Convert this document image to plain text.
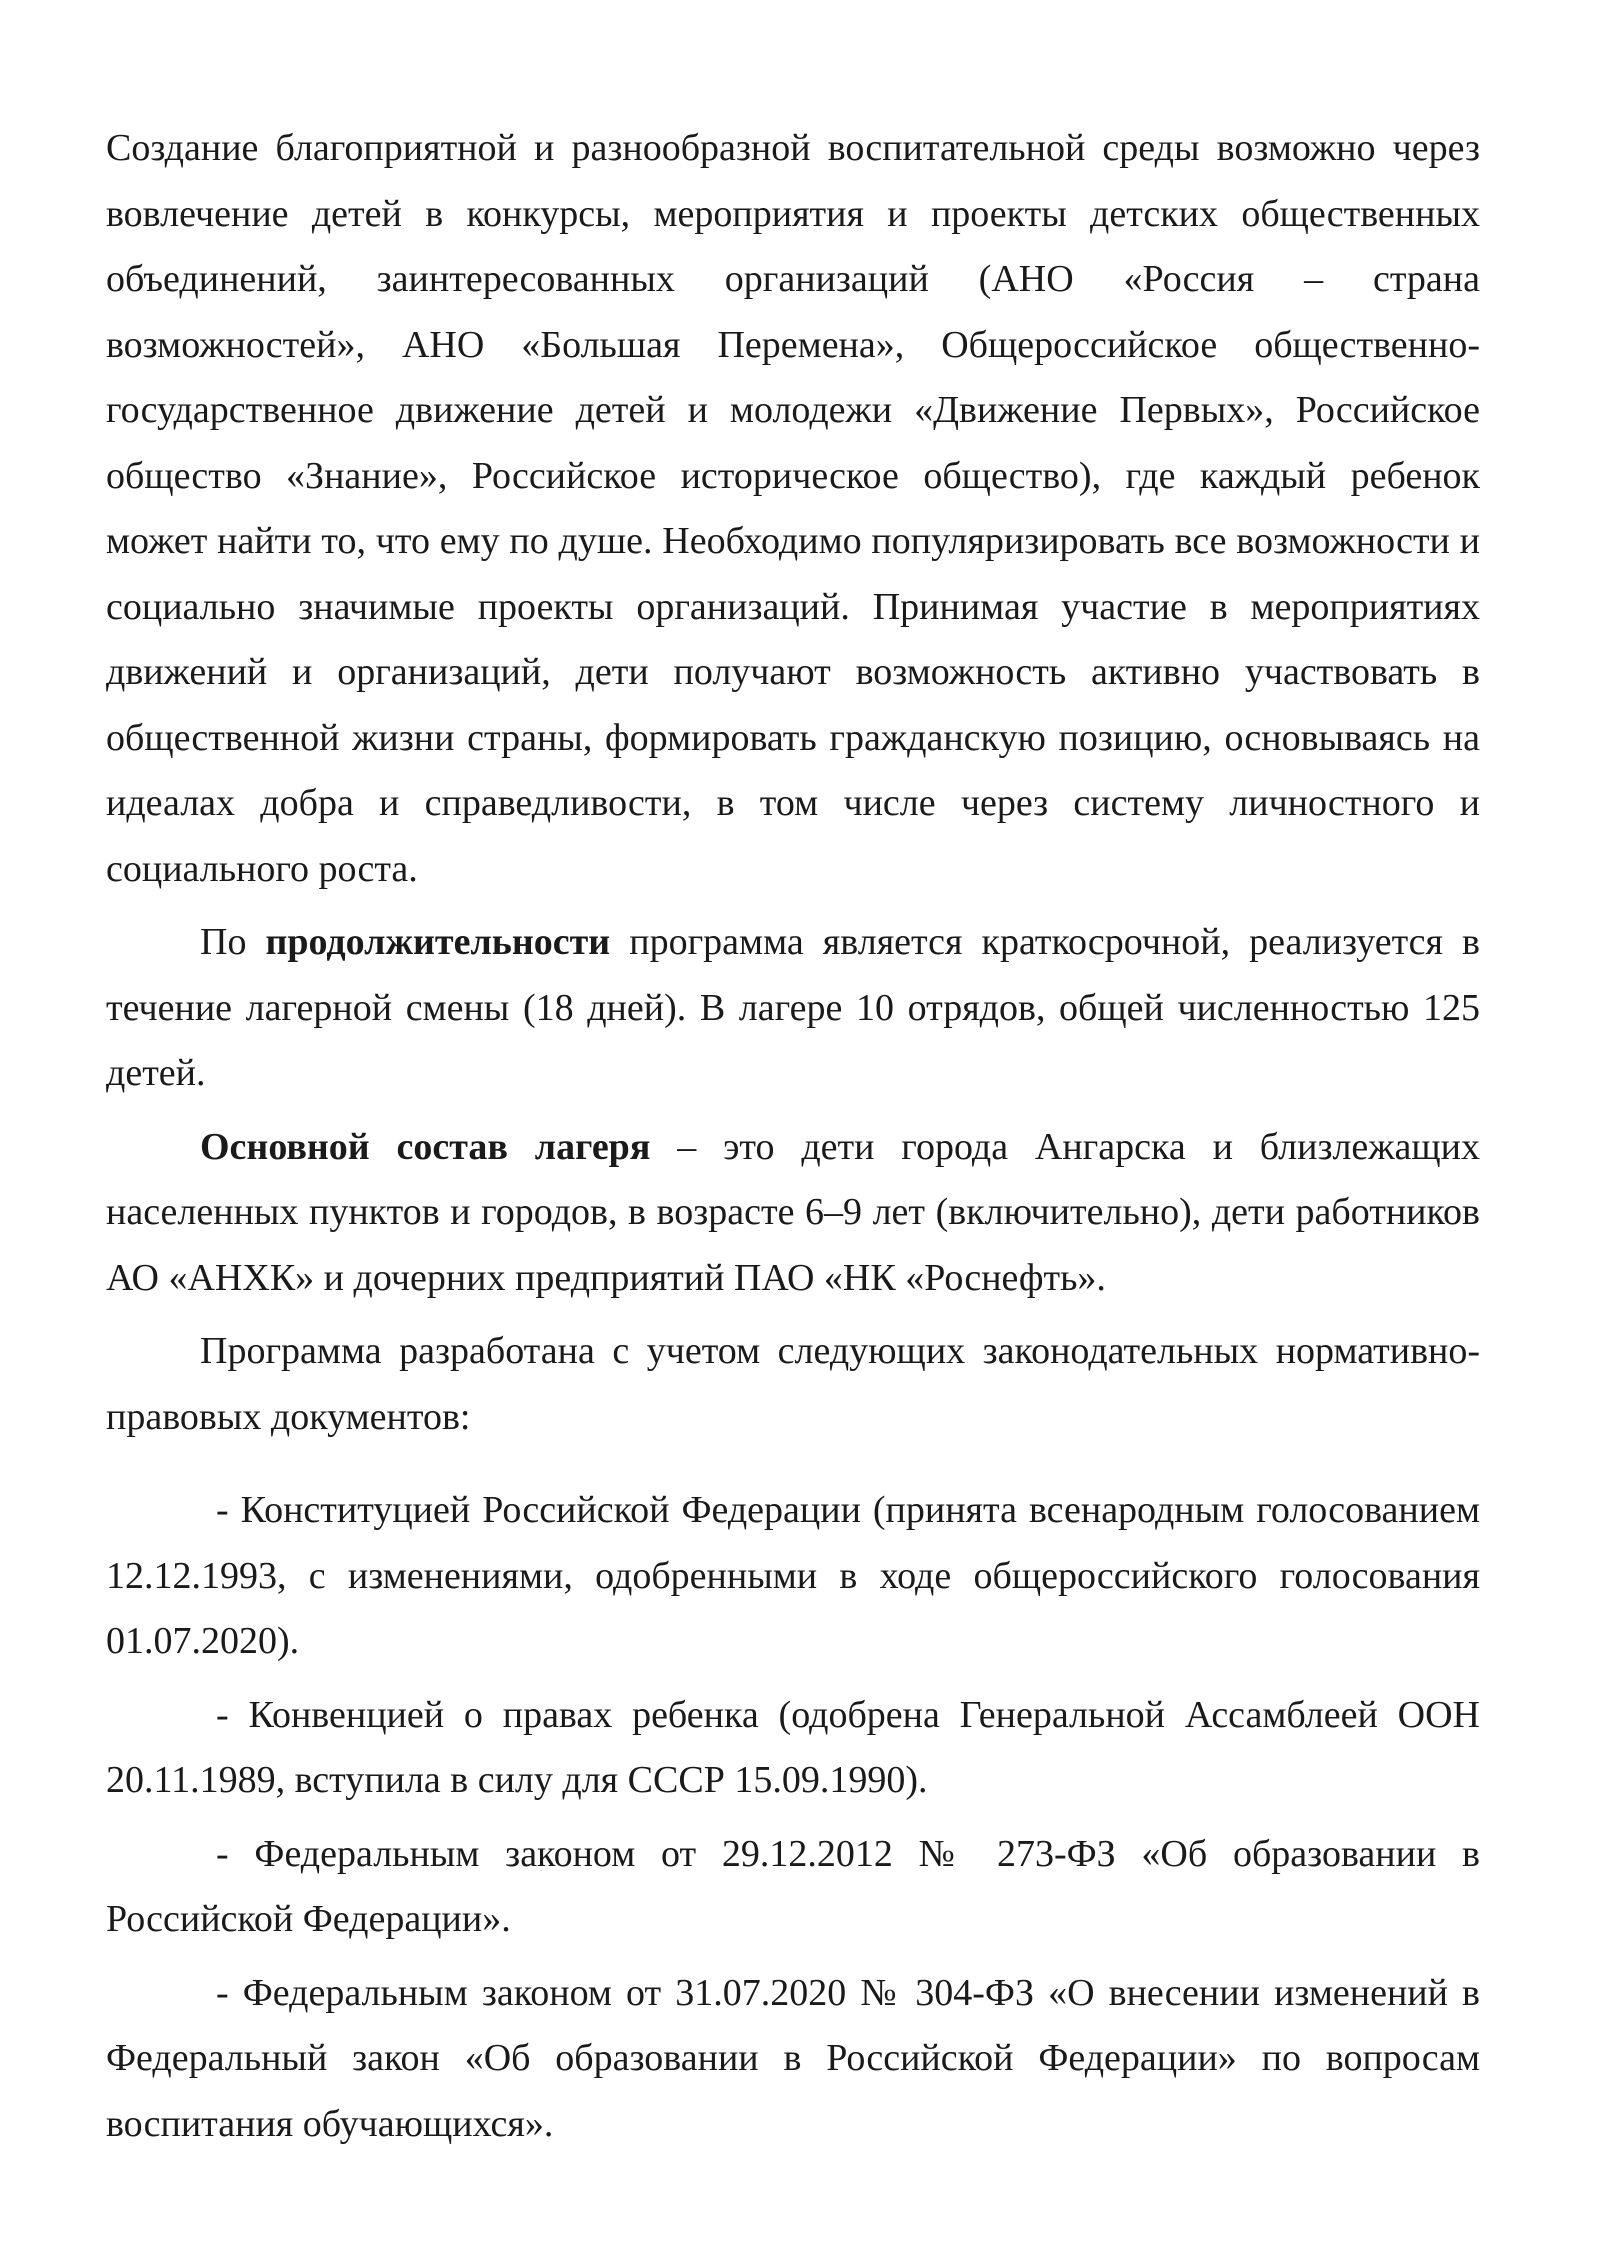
Создание благоприятной и разнообразной воспитательной среды возможно через вовлечение детей в конкурсы, мероприятия и проекты детских общественных объединений, заинтересованных организаций (АНО «Россия – страна возможностей», АНО «Большая Перемена», Общероссийское общественно-государственное движение детей и молодежи «Движение Первых», Российское общество «Знание», Российское историческое общество), где каждый ребенок может найти то, что ему по душе. Необходимо популяризировать все возможности и социально значимые проекты организаций. Принимая участие в мероприятиях движений и организаций, дети получают возможность активно участвовать в общественной жизни страны, формировать гражданскую позицию, основываясь на идеалах добра и справедливости, в том числе через систему личностного и социального роста.

По продолжительности программа является краткосрочной, реализуется в течение лагерной смены (18 дней). В лагере 10 отрядов, общей численностью 125 детей.

Основной состав лагеря – это дети города Ангарска и близлежащих населенных пунктов и городов, в возрасте 6–9 лет (включительно), дети работников АО «АНХК» и дочерних предприятий ПАО «НК «Роснефть».

Программа разработана с учетом следующих законодательных нормативно-правовых документов:

- Конституцией Российской Федерации (принята всенародным голосованием 12.12.1993, с изменениями, одобренными в ходе общероссийского голосования 01.07.2020).

- Конвенцией о правах ребенка (одобрена Генеральной Ассамблеей ООН 20.11.1989, вступила в силу для СССР 15.09.1990).

- Федеральным законом от 29.12.2012 № 273-ФЗ «Об образовании в Российской Федерации».

- Федеральным законом от 31.07.2020 № 304-ФЗ «О внесении изменений в Федеральный закон «Об образовании в Российской Федерации» по вопросам воспитания обучающихся».
